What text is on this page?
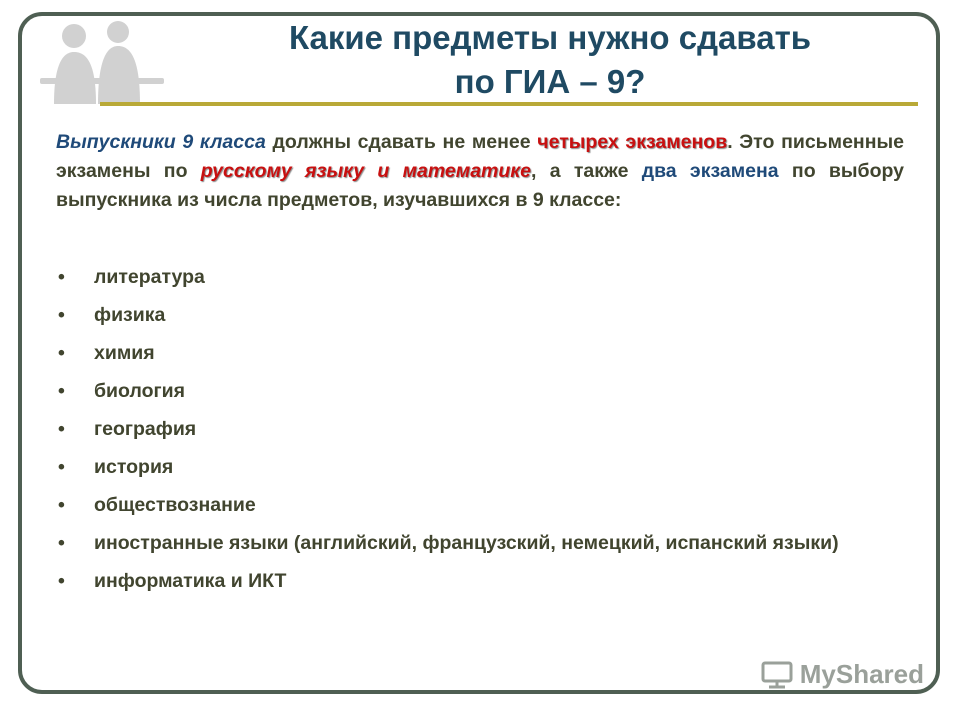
Какие предметы нужно сдавать
по ГИА – 9?

Выпускники 9 класса должны сдавать не менее четырех экзаменов. Это письменные экзамены по русскому языку и математике, а также два экзамена по выбору выпускника из числа предметов, изучавшихся в 9 классе:

• литература
• физика
• химия
• биология
• география
• история
• обществознание
• иностранные языки (английский, французский, немецкий, испанский языки)
• информатика и ИКТ
MyShared
